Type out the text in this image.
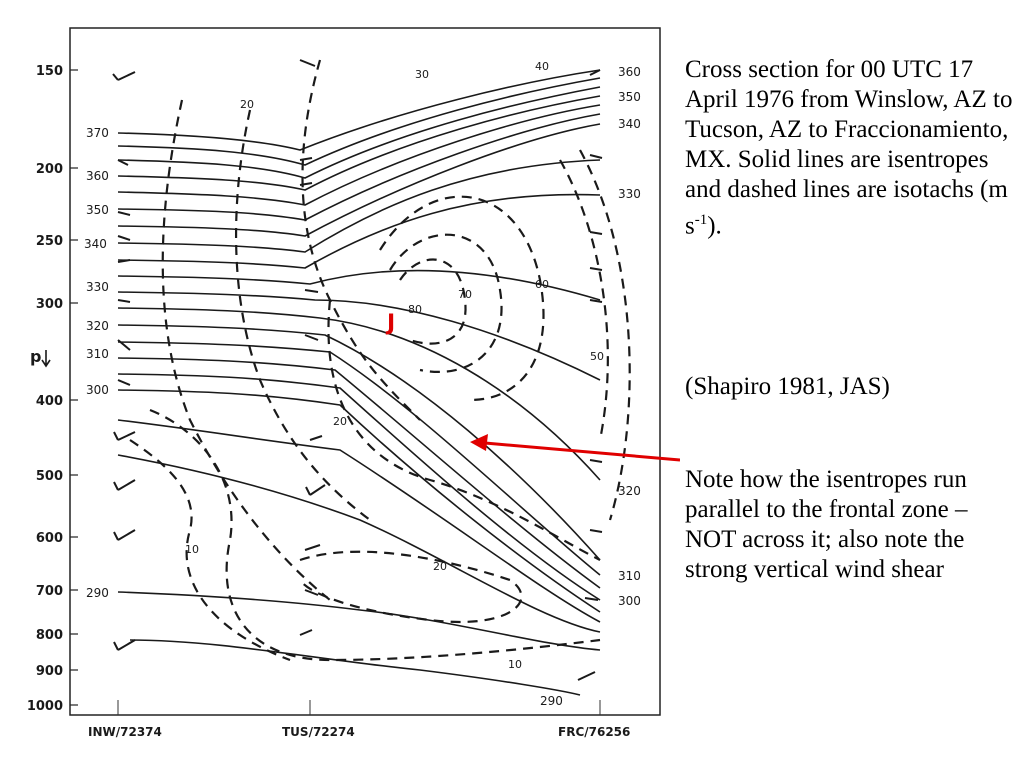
150
200
250
300
400
500
600
700
800
900
1000
p
INW/72374	TUS/72274	FRC/76256
370
360
350
340
330
320
310
300
290
360
350
340
330
320
310
300
290
20
30
40
80
70
60
50
20
20
10
10
J

Cross section for 00 UTC 17 April 1976 from Winslow, AZ to Tucson, AZ to Fraccionamiento, MX. Solid lines are isentropes and dashed lines are isotachs (m $s^{-1}$).

(Shapiro 1981, JAS)

Note how the isentropes run parallel to the frontal zone – NOT across it; also note the strong vertical wind shear
